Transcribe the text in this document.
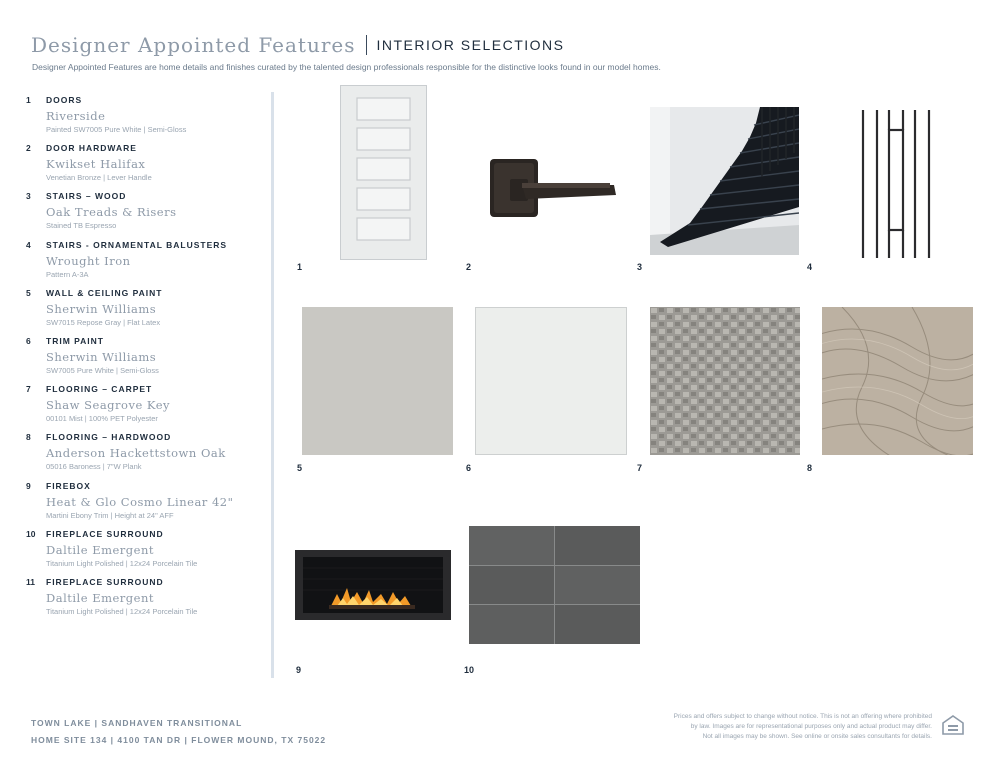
Designer Appointed Features INTERIOR SELECTIONS
Designer Appointed Features are home details and finishes curated by the talented design professionals responsible for the distinctive looks found in our model homes.
1 DOORS
Riverside
Painted SW7005 Pure White | Semi-Gloss
2 DOOR HARDWARE
Kwikset Halifax
Venetian Bronze | Lever Handle
3 STAIRS – WOOD
Oak Treads & Risers
Stained TB Espresso
4 STAIRS - ORNAMENTAL BALUSTERS
Wrought Iron
Pattern A-3A
5 WALL & CEILING PAINT
Sherwin Williams
SW7015 Repose Gray | Flat Latex
6 TRIM PAINT
Sherwin Williams
SW7005 Pure White | Semi-Gloss
7 FLOORING – CARPET
Shaw Seagrove Key
00101 Mist | 100% PET Polyester
8 FLOORING – HARDWOOD
Anderson Hackettstown Oak
05016 Baroness | 7"W Plank
9 FIREBOX
Heat & Glo Cosmo Linear 42"
Martini Ebony Trim | Height at 24" AFF
10 FIREPLACE SURROUND
Daltile Emergent
Titanium Light Polished | 12x24 Porcelain Tile
11 FIREPLACE SURROUND
Daltile Emergent
Titanium Light Polished | 12x24 Porcelain Tile
1	2	3	4
5	6	7	8
9	10
TOWN LAKE | SANDHAVEN TRANSITIONAL
HOME SITE 134 | 4100 TAN DR | FLOWER MOUND, TX 75022
Prices and offers subject to change without notice. This is not an offering where prohibited
by law. Images are for representational purposes only and actual product may differ.
Not all images may be shown. See online or onsite sales consultants for details.
